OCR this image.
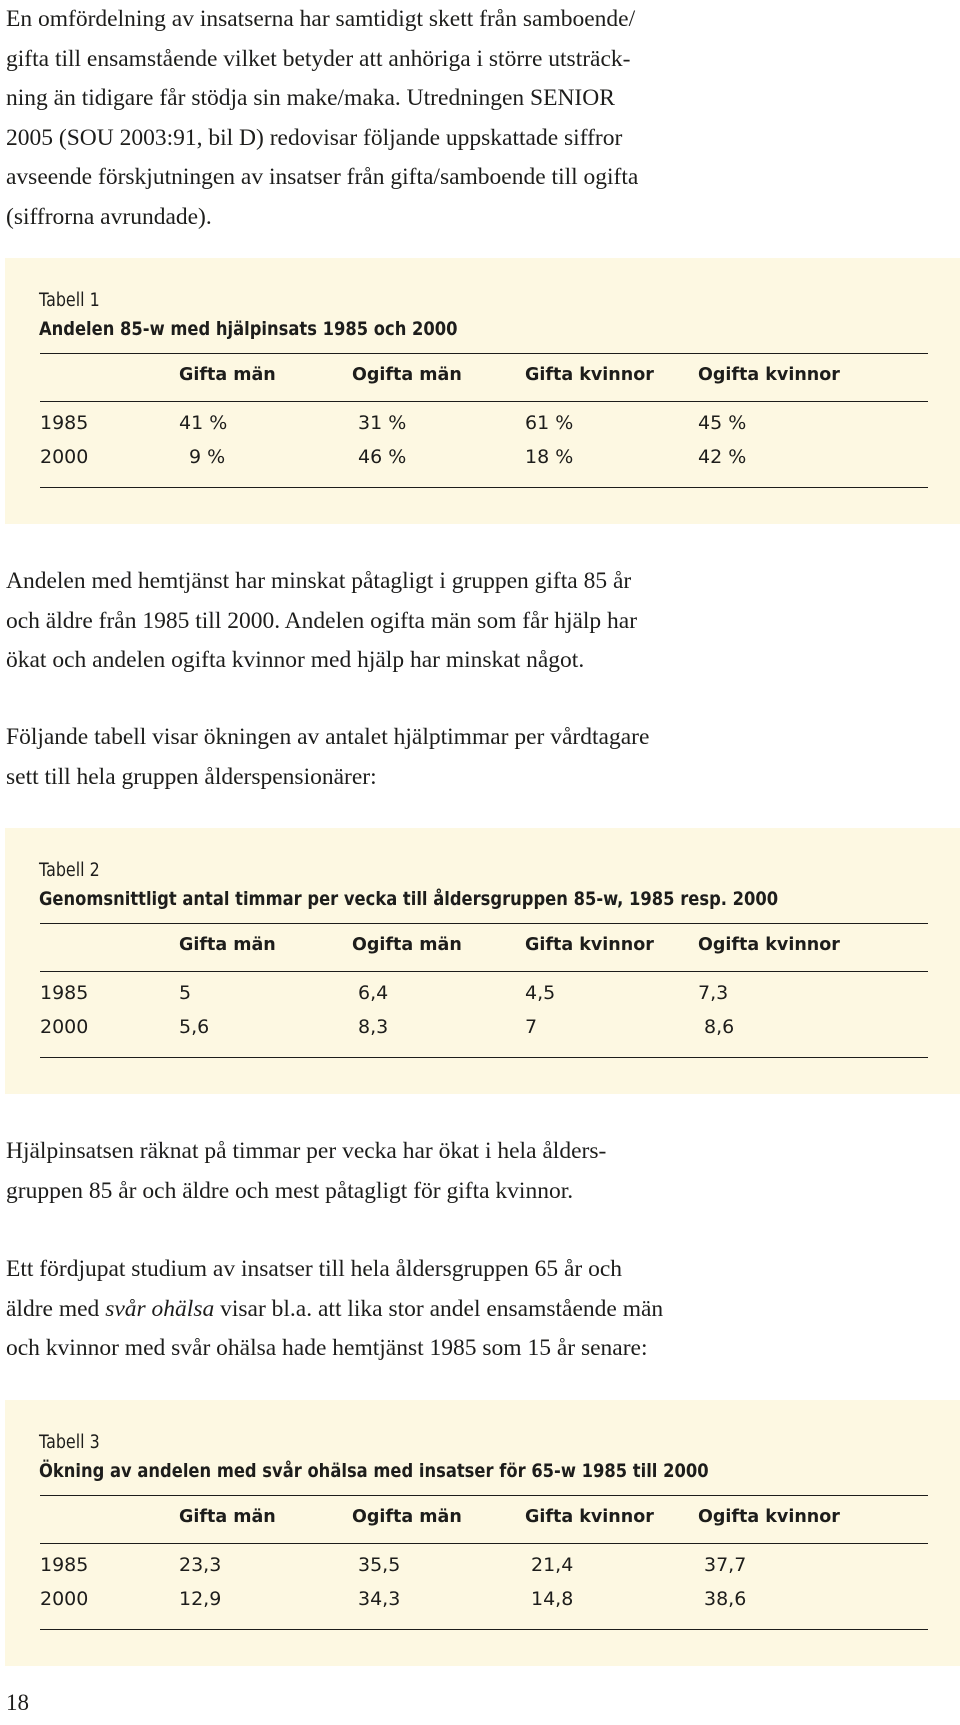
En omfördelning av insatserna har samtidigt skett från samboende/
gifta till ensamstående vilket betyder att anhöriga i större utsträck-
ning än tidigare får stödja sin make/maka. Utredningen SENIOR
2005 (SOU 2003:91, bil D) redovisar följande uppskattade siffror
avseende förskjutningen av insatser från gifta/samboende till ogifta
(siffrorna avrundade).
Tabell 1
Andelen 85-w med hjälpinsats 1985 och 2000
Gifta män	Ogifta män	Gifta kvinnor	Ogifta kvinnor
1985	41 %	31 %	61 %	45 %
2000	9 %	46 %	18 %	42 %
Andelen med hemtjänst har minskat påtagligt i gruppen gifta 85 år
och äldre från 1985 till 2000. Andelen ogifta män som får hjälp har
ökat och andelen ogifta kvinnor med hjälp har minskat något.
Följande tabell visar ökningen av antalet hjälptimmar per vårdtagare
sett till hela gruppen ålderspensionärer:
Tabell 2
Genomsnittligt antal timmar per vecka till åldersgruppen 85-w, 1985 resp. 2000
Gifta män	Ogifta män	Gifta kvinnor	Ogifta kvinnor
1985	5	6,4	4,5	7,3
2000	5,6	8,3	7	8,6
Hjälpinsatsen räknat på timmar per vecka har ökat i hela ålders-
gruppen 85 år och äldre och mest påtagligt för gifta kvinnor.
Ett fördjupat studium av insatser till hela åldersgruppen 65 år och
äldre med svår ohälsa visar bl.a. att lika stor andel ensamstående män
och kvinnor med svår ohälsa hade hemtjänst 1985 som 15 år senare:
Tabell 3
Ökning av andelen med svår ohälsa med insatser för 65-w 1985 till 2000
Gifta män	Ogifta män	Gifta kvinnor	Ogifta kvinnor
1985	23,3	35,5	21,4	37,7
2000	12,9	34,3	14,8	38,6
18
